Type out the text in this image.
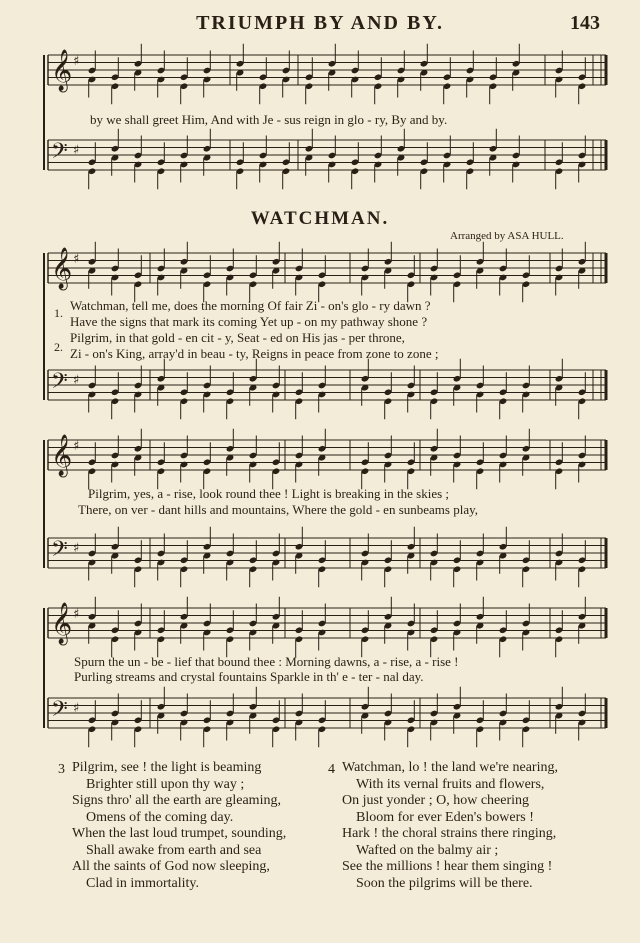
TRIUMPH BY AND BY.	143
𝄞 ♯
𝄢 ♯
𝄞 ♯
𝄢 ♯
𝄞 ♯
𝄢 ♯
𝄞 ♯
𝄢 ♯
by we shall greet Him, And with Je - sus reign in glo - ry, By and by.
WATCHMAN.
Arranged by ASA HULL.
1.
2.
Watchman, tell me, does the morning Of fair Zi - on's glo - ry dawn ?
Have the signs that mark its coming Yet up - on my pathway shone ?
Pilgrim, in that gold - en cit - y, Seat - ed on His jas - per throne,
Zi - on's King, array'd in beau - ty, Reigns in peace from zone to zone ;
Pilgrim, yes, a - rise, look round thee ! Light is breaking in the skies ;
There, on ver - dant hills and mountains, Where the gold - en sunbeams play,
Spurn the un - be - lief that bound thee : Morning dawns, a - rise, a - rise !
Purling streams and crystal fountains Sparkle in th' e - ter - nal day.
3 Pilgrim, see ! the light is beaming
Brighter still upon thy way ;
Signs thro' all the earth are gleaming,
Omens of the coming day.
When the last loud trumpet, sounding,
Shall awake from earth and sea
All the saints of God now sleeping,
Clad in immortality.
4 Watchman, lo ! the land we're nearing,
With its vernal fruits and flowers,
On just yonder ; O, how cheering
Bloom for ever Eden's bowers !
Hark ! the choral strains there ringing,
Wafted on the balmy air ;
See the millions ! hear them singing !
Soon the pilgrims will be there.
